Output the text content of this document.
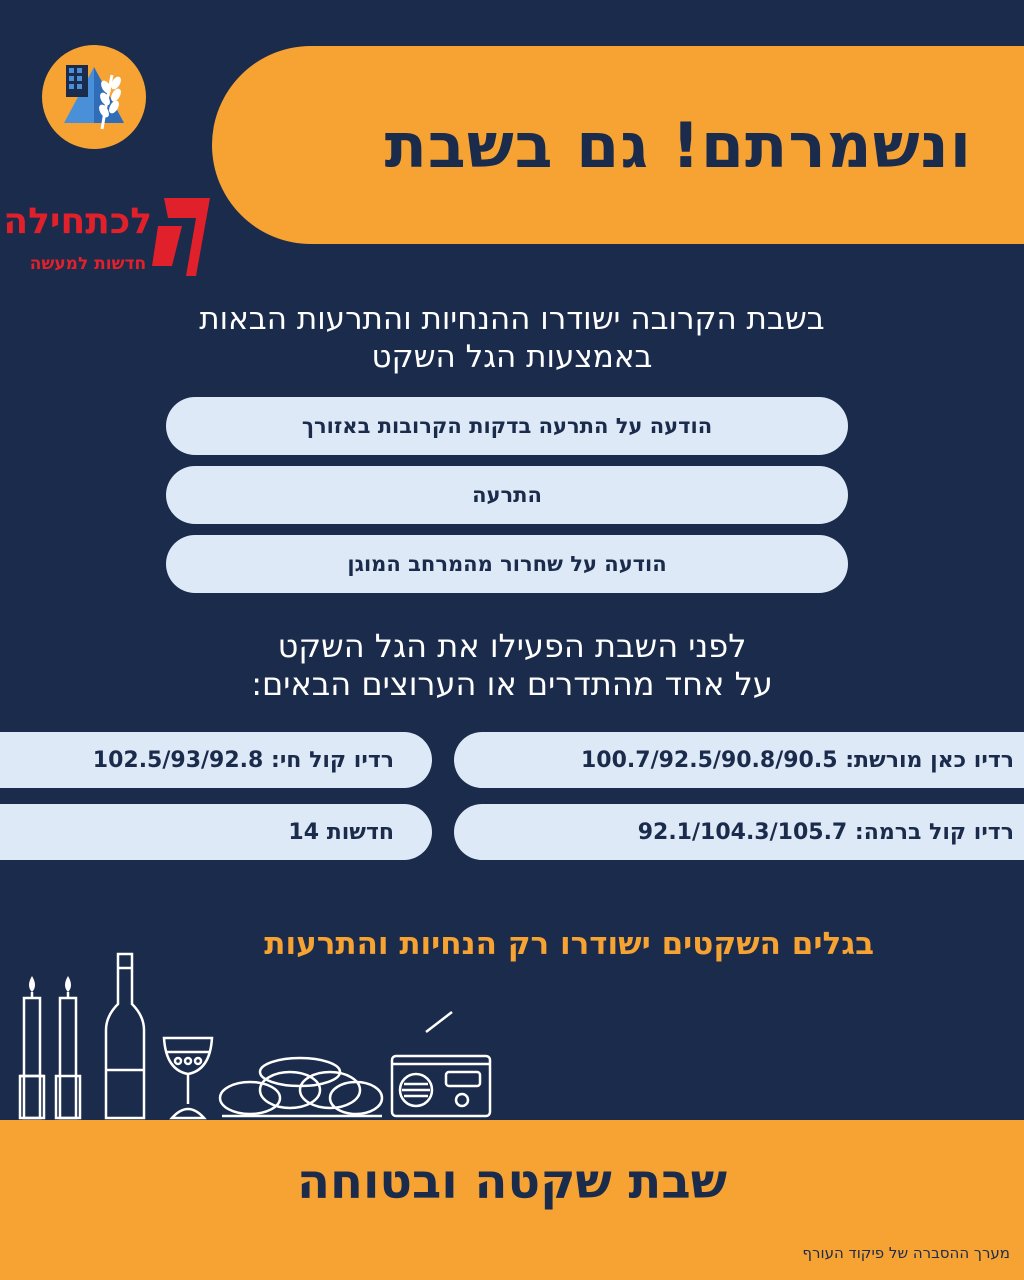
ונשמרתם! גם בשבת
לכתחילה
חדשות למעשה
בשבת הקרובה ישודרו ההנחיות והתרעות הבאות
באמצעות הגל השקט
הודעה על התרעה בדקות הקרובות באזורך
התרעה
הודעה על שחרור מהמרחב המוגן
לפני השבת הפעילו את הגל השקט
על אחד מהתדרים או הערוצים הבאים:
רדיו כאן מורשת:

100.7/92.5/90.8/90.5
רדיו קול חי:

102.5/93/92.8
רדיו קול ברמה:

92.1/104.3/105.7
חדשות

14
בגלים השקטים ישודרו רק הנחיות והתרעות
שבת שקטה ובטוחה
מערך ההסברה של פיקוד העורף
